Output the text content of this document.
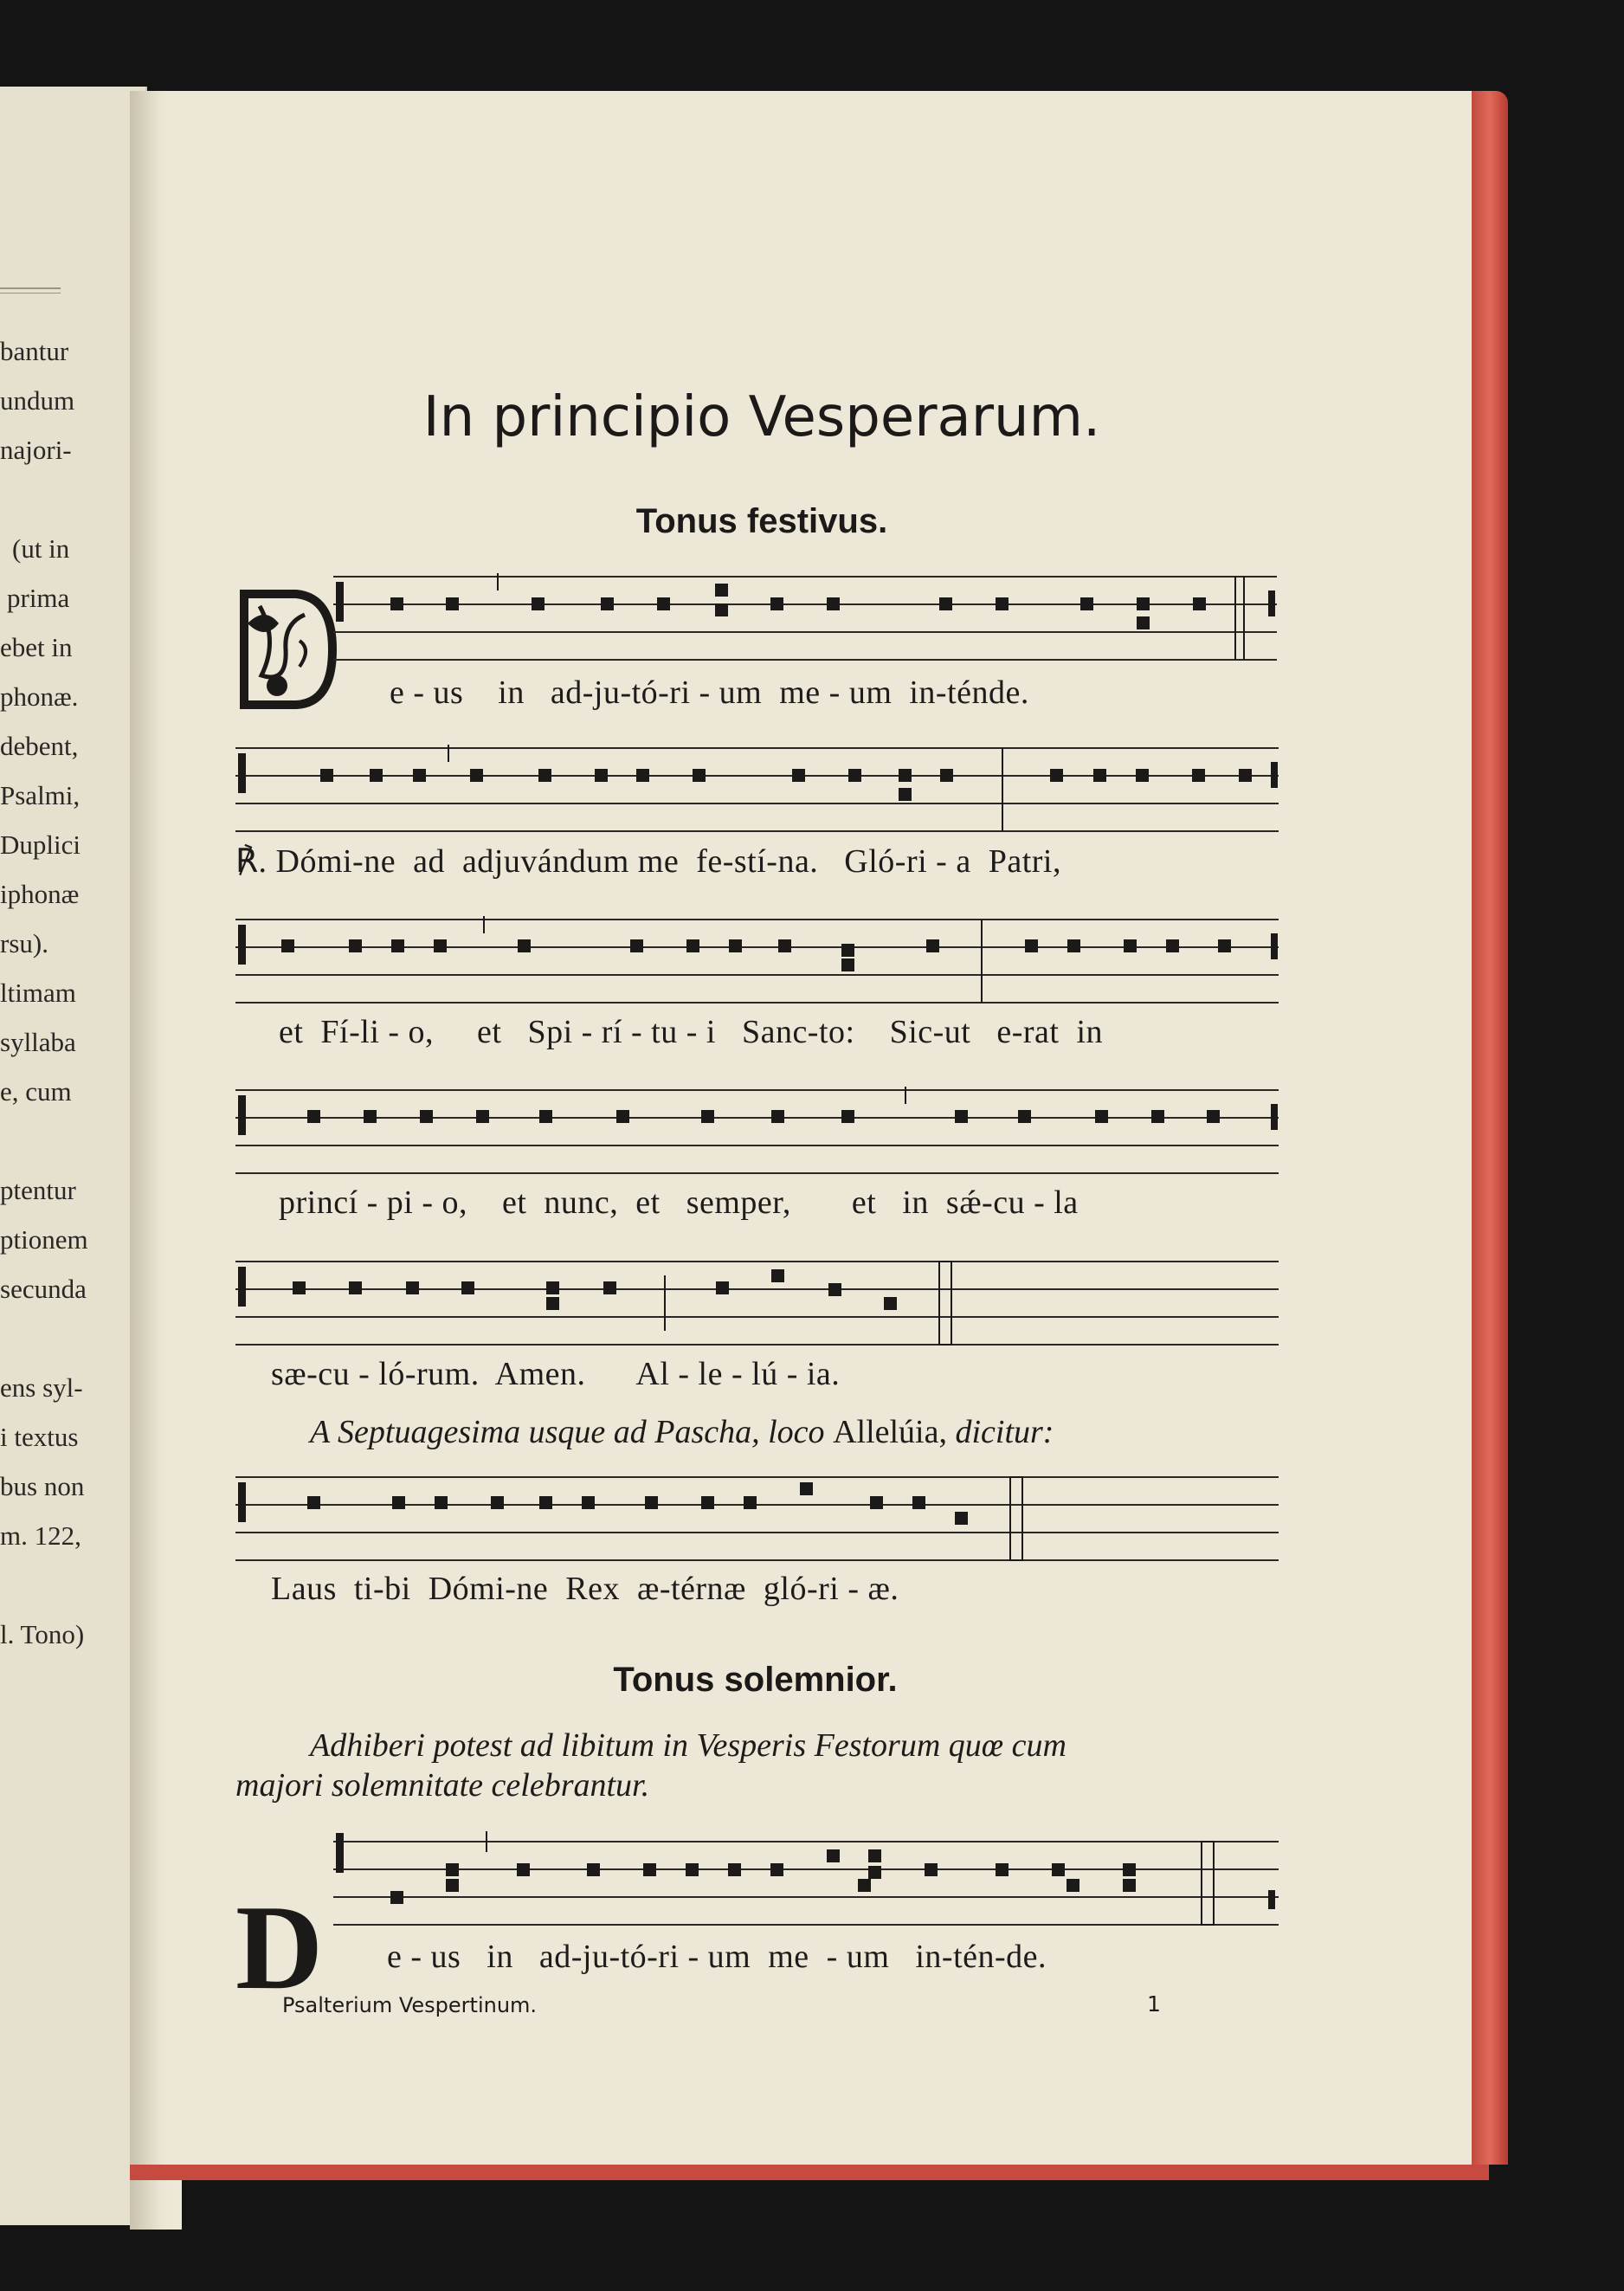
bantur
undum
najori-
(ut in
prima
ebet in
phonæ.
debent,
Psalmi,
Duplici
iphonæ
rsu).
ltimam
syllaba
e, cum
ptentur
ptionem
secunda
ens syl-
i textus
bus non
m. 122,
l. Tono)
In principio Vesperarum.
Tonus festivus.
e - us    in   ad-ju-tó-ri - um  me - um  in-ténde.
℟. Dómi-ne  ad  adjuvándum me  fe-stí-na.   Gló-ri - a  Patri,
et  Fí-li - o,     et   Spi - rí - tu - i   Sanc-to:    Sic-ut   e-rat  in
princí - pi - o,    et  nunc,  et   semper,       et   in  sǽ-cu - la
sæ-cu - ló-rum.  Amen.      Al - le - lú - ia.
A Septuagesima usque ad Pascha, loco Allelúia, dicitur:
Laus  ti-bi  Dómi-ne  Rex  æ-térnæ  gló-ri - æ.
Tonus solemnior.
Adhiberi potest ad libitum in Vesperis Festorum quœ cum
majori solemnitate celebrantur.
D e - us   in   ad-ju-tó-ri - um  me  - um   in-tén-de.
Psalterium Vespertinum.	1
